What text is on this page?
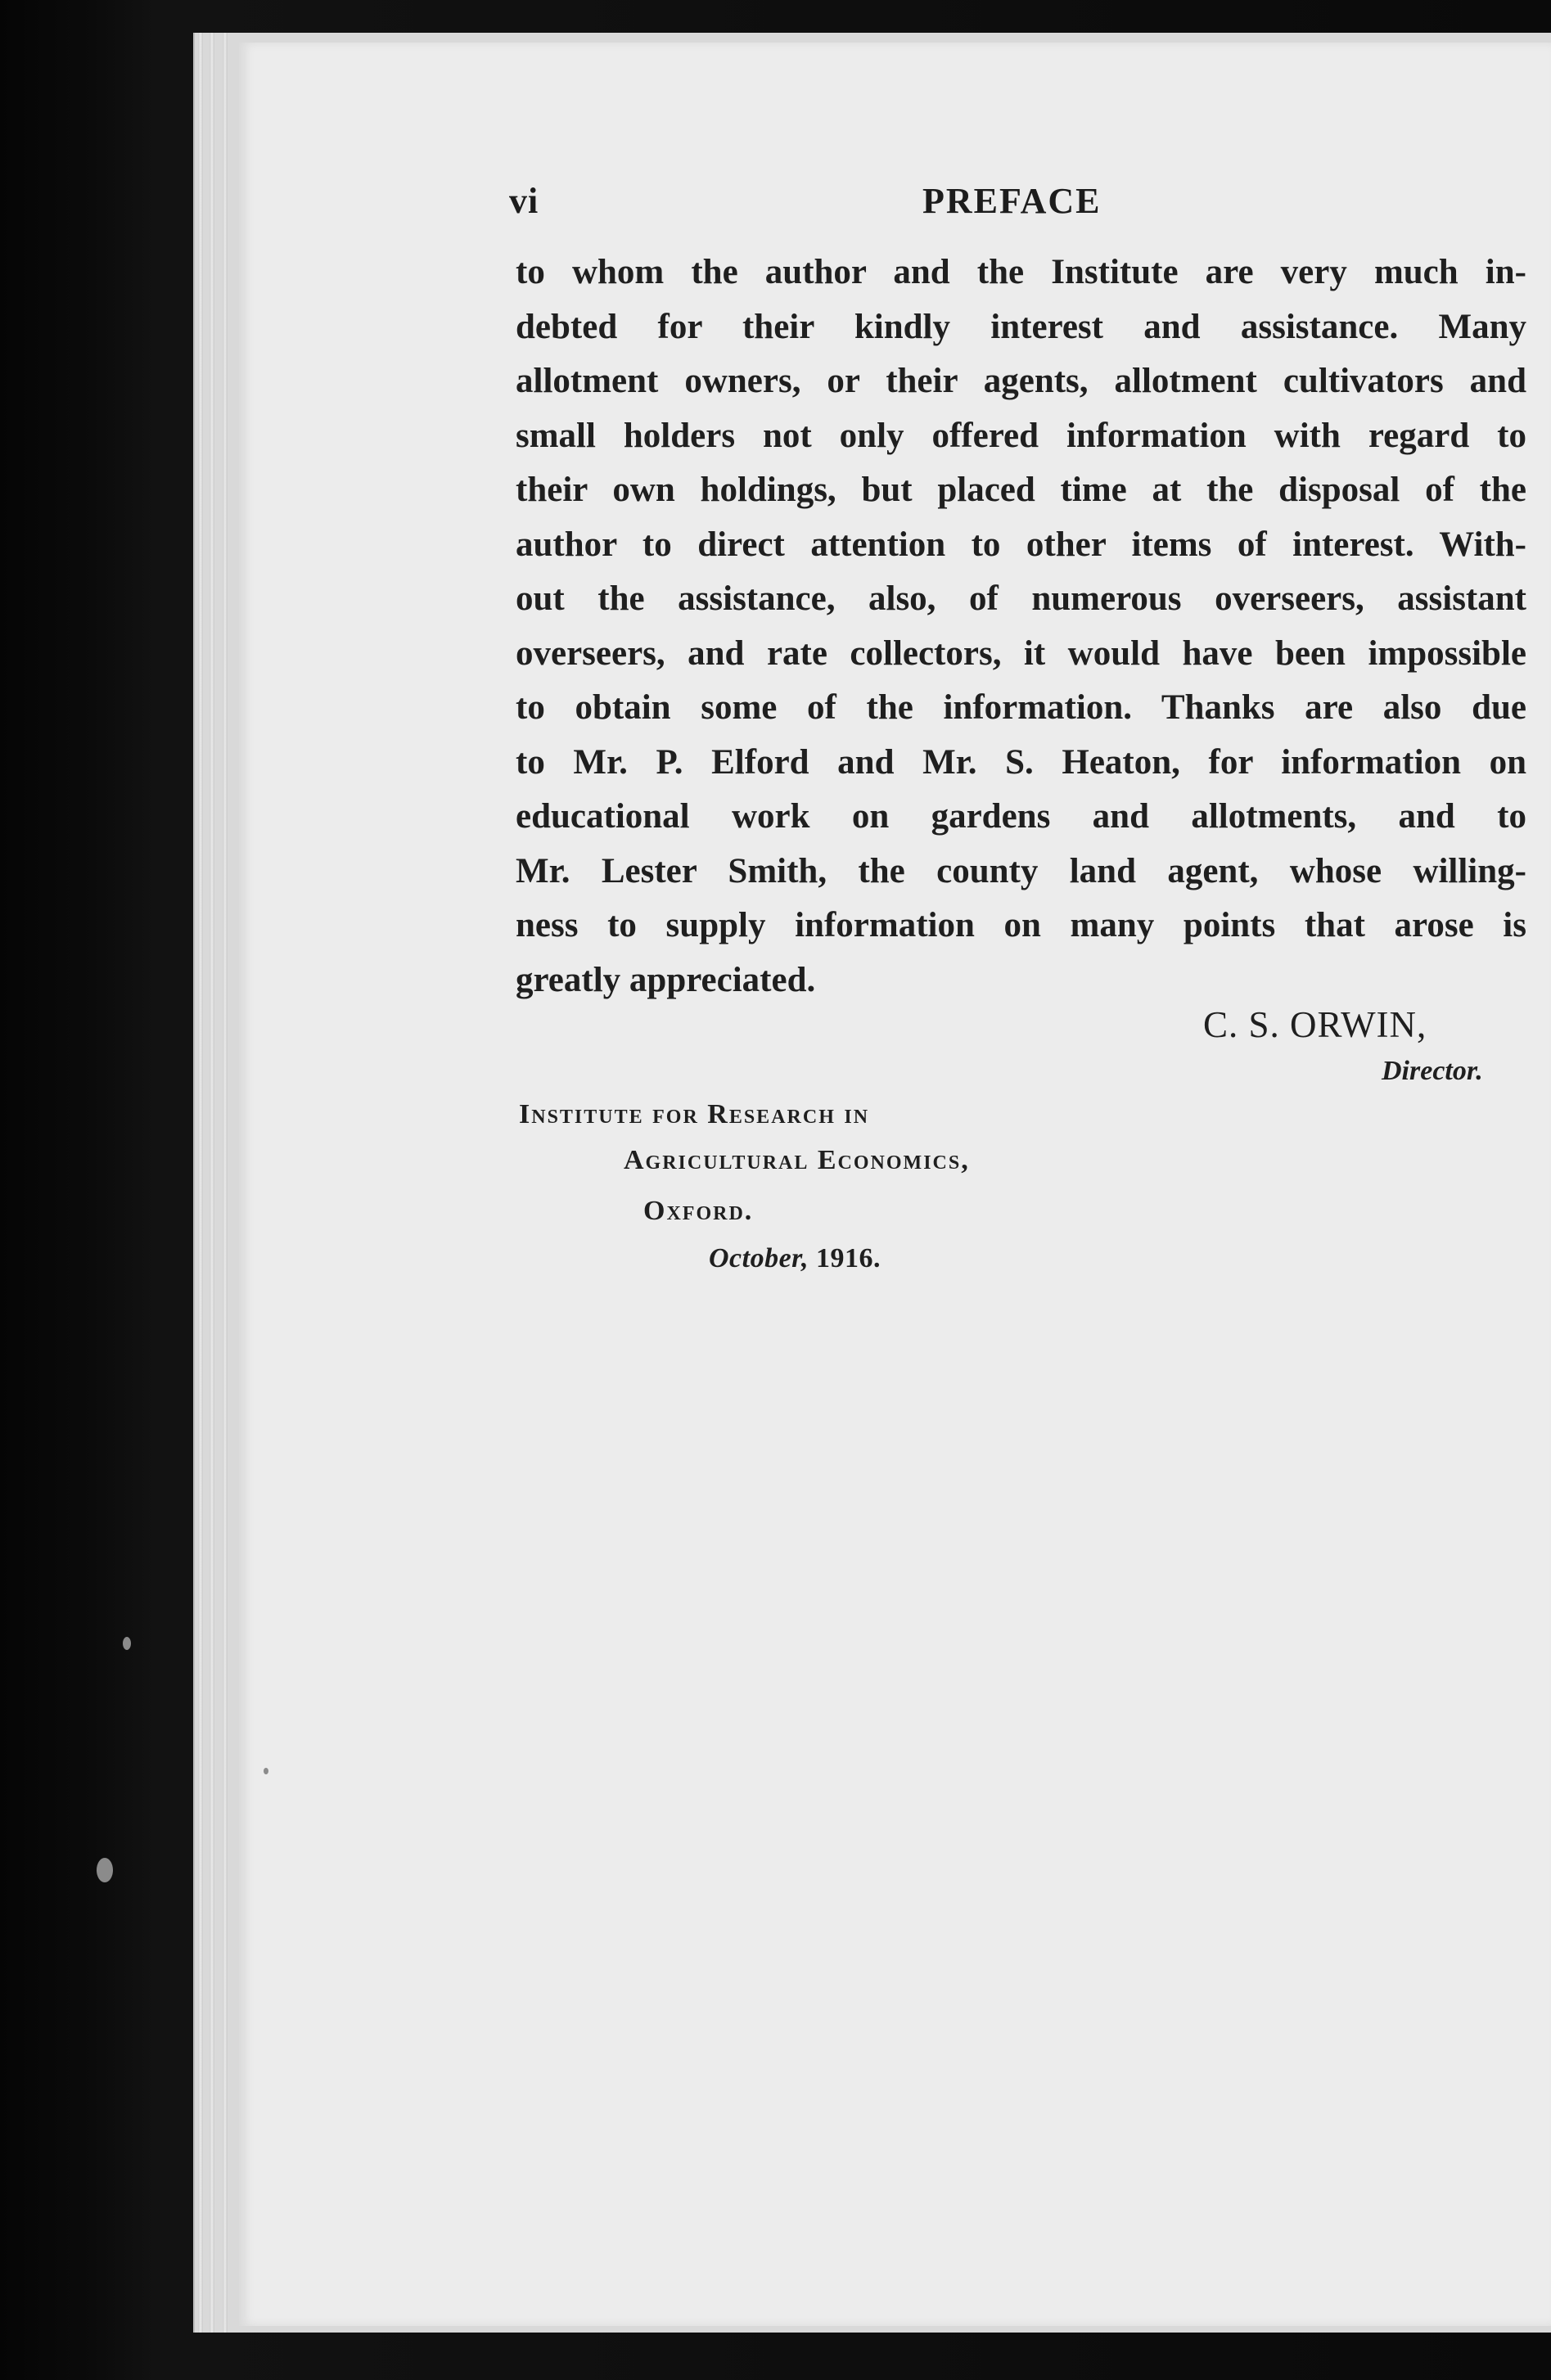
vi	PREFACE
to whom the author and the Institute are very much in-
debted for their kindly interest and assistance. Many
allotment owners, or their agents, allotment cultivators and
small holders not only offered information with regard to
their own holdings, but placed time at the disposal of the
author to direct attention to other items of interest. With-
out the assistance, also, of numerous overseers, assistant
overseers, and rate collectors, it would have been impossible
to obtain some of the information. Thanks are also due
to Mr. P. Elford and Mr. S. Heaton, for information on
educational work on gardens and allotments, and to
Mr. Lester Smith, the county land agent, whose willing-
ness to supply information on many points that arose is
greatly appreciated.
C. S. ORWIN,
Director.
Institute for Research in
Agricultural Economics,
Oxford.
October, 1916.
